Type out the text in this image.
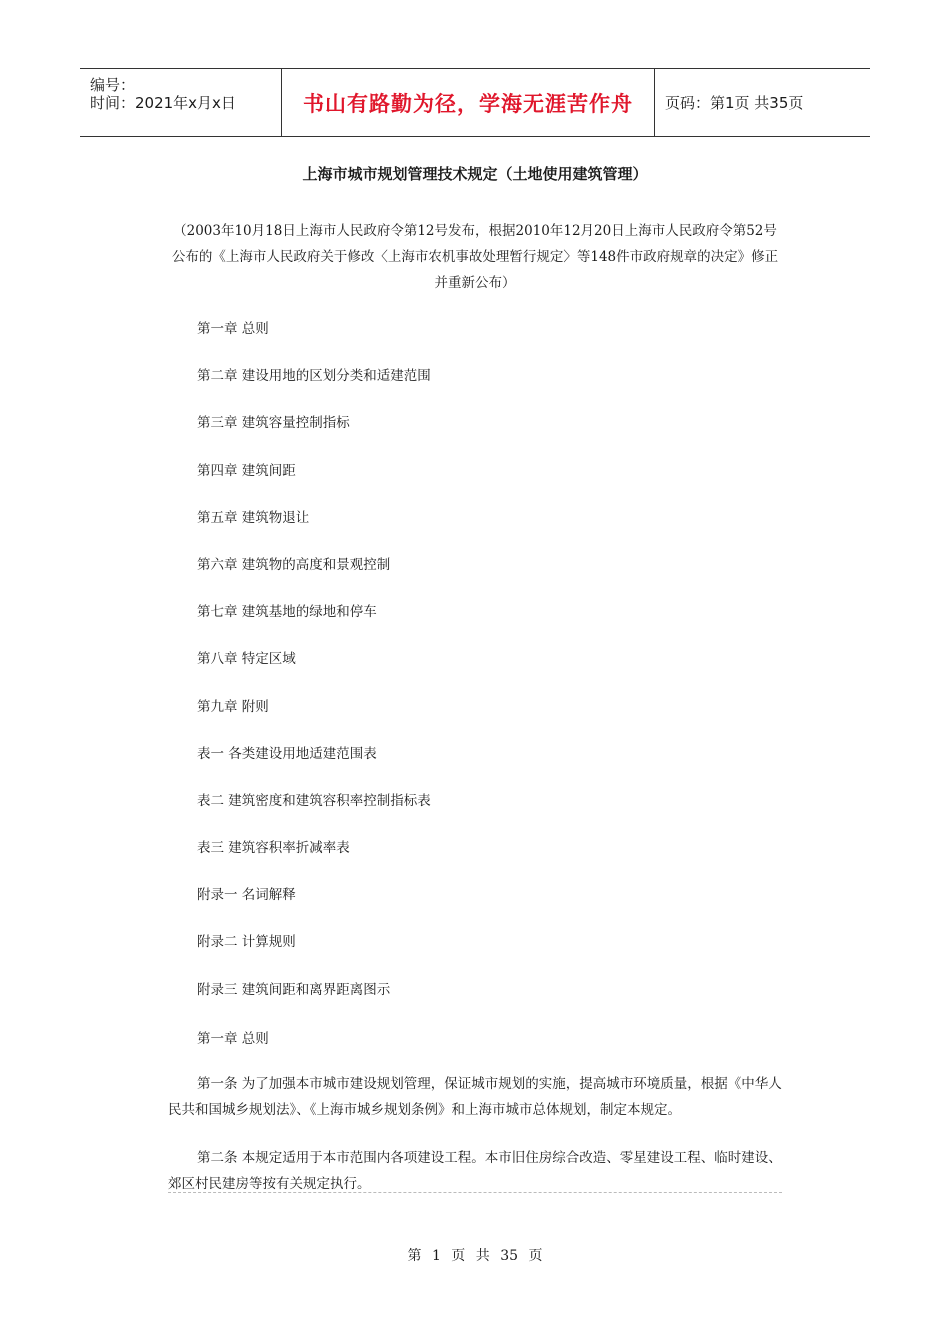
编号：
时间：2021年x月x日	书山有路勤为径，学海无涯苦作舟 页码：第1页 共35页
上海市城市规划管理技术规定（土地使用建筑管理）
（2003年10月18日上海市人民政府令第12号发布，根据2010年12月20日上海市人民政府令第52号公布的《上海市人民政府关于修改〈上海市农机事故处理暂行规定〉等148件市政府规章的决定》修正并重新公布）
第一章 总则
第二章 建设用地的区划分类和适建范围
第三章 建筑容量控制指标
第四章 建筑间距
第五章 建筑物退让
第六章 建筑物的高度和景观控制
第七章 建筑基地的绿地和停车
第八章 特定区域
第九章 附则
表一 各类建设用地适建范围表
表二 建筑密度和建筑容积率控制指标表
表三 建筑容积率折减率表
附录一 名词解释
附录二 计算规则
附录三 建筑间距和离界距离图示
第一章 总则

第一条 为了加强本市城市建设规划管理，保证城市规划的实施，提高城市环境质量，根据《中华人民共和国城乡规划法》、《上海市城乡规划条例》和上海市城市总体规划，制定本规定。

第二条 本规定适用于本市范围内各项建设工程。本市旧住房综合改造、零星建设工程、临时建设、郊区村民建房等按有关规定执行。

第 1 页 共 35 页
